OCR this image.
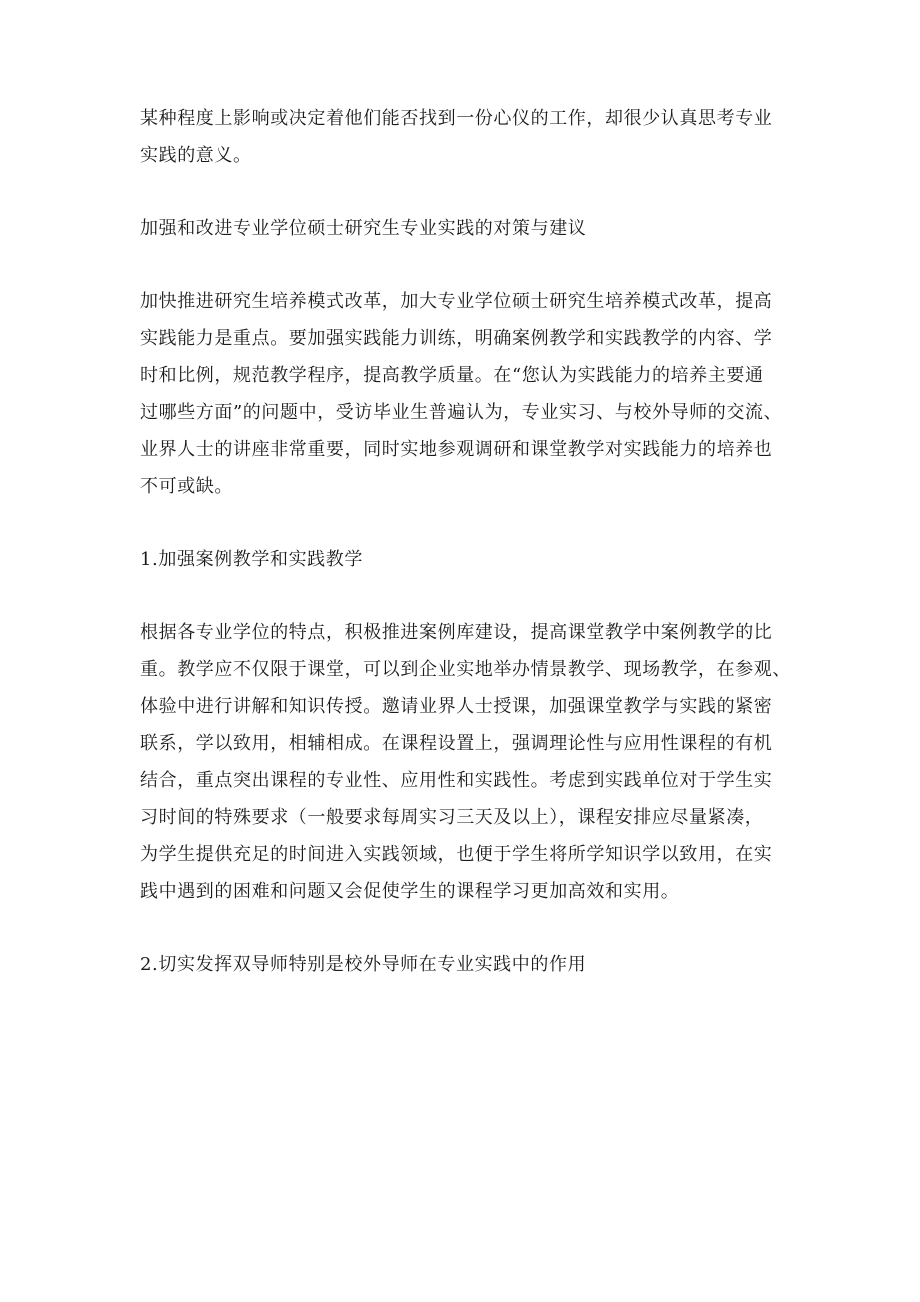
某种程度上影响或决定着他们能否找到一份心仪的工作，却很少认真思考专业
实践的意义。

加强和改进专业学位硕士研究生专业实践的对策与建议

加快推进研究生培养模式改革，加大专业学位硕士研究生培养模式改革，提高
实践能力是重点。要加强实践能力训练，明确案例教学和实践教学的内容、学
时和比例，规范教学程序，提高教学质量。在“您认为实践能力的培养主要通
过哪些方面”的问题中，受访毕业生普遍认为，专业实习、与校外导师的交流、
业界人士的讲座非常重要，同时实地参观调研和课堂教学对实践能力的培养也
不可或缺。

1.加强案例教学和实践教学

根据各专业学位的特点，积极推进案例库建设，提高课堂教学中案例教学的比
重。教学应不仅限于课堂，可以到企业实地举办情景教学、现场教学，在参观、
体验中进行讲解和知识传授。邀请业界人士授课，加强课堂教学与实践的紧密
联系，学以致用，相辅相成。在课程设置上，强调理论性与应用性课程的有机
结合，重点突出课程的专业性、应用性和实践性。考虑到实践单位对于学生实
习时间的特殊要求（一般要求每周实习三天及以上），课程安排应尽量紧凑，
为学生提供充足的时间进入实践领域，也便于学生将所学知识学以致用，在实
践中遇到的困难和问题又会促使学生的课程学习更加高效和实用。

2.切实发挥双导师特别是校外导师在专业实践中的作用
